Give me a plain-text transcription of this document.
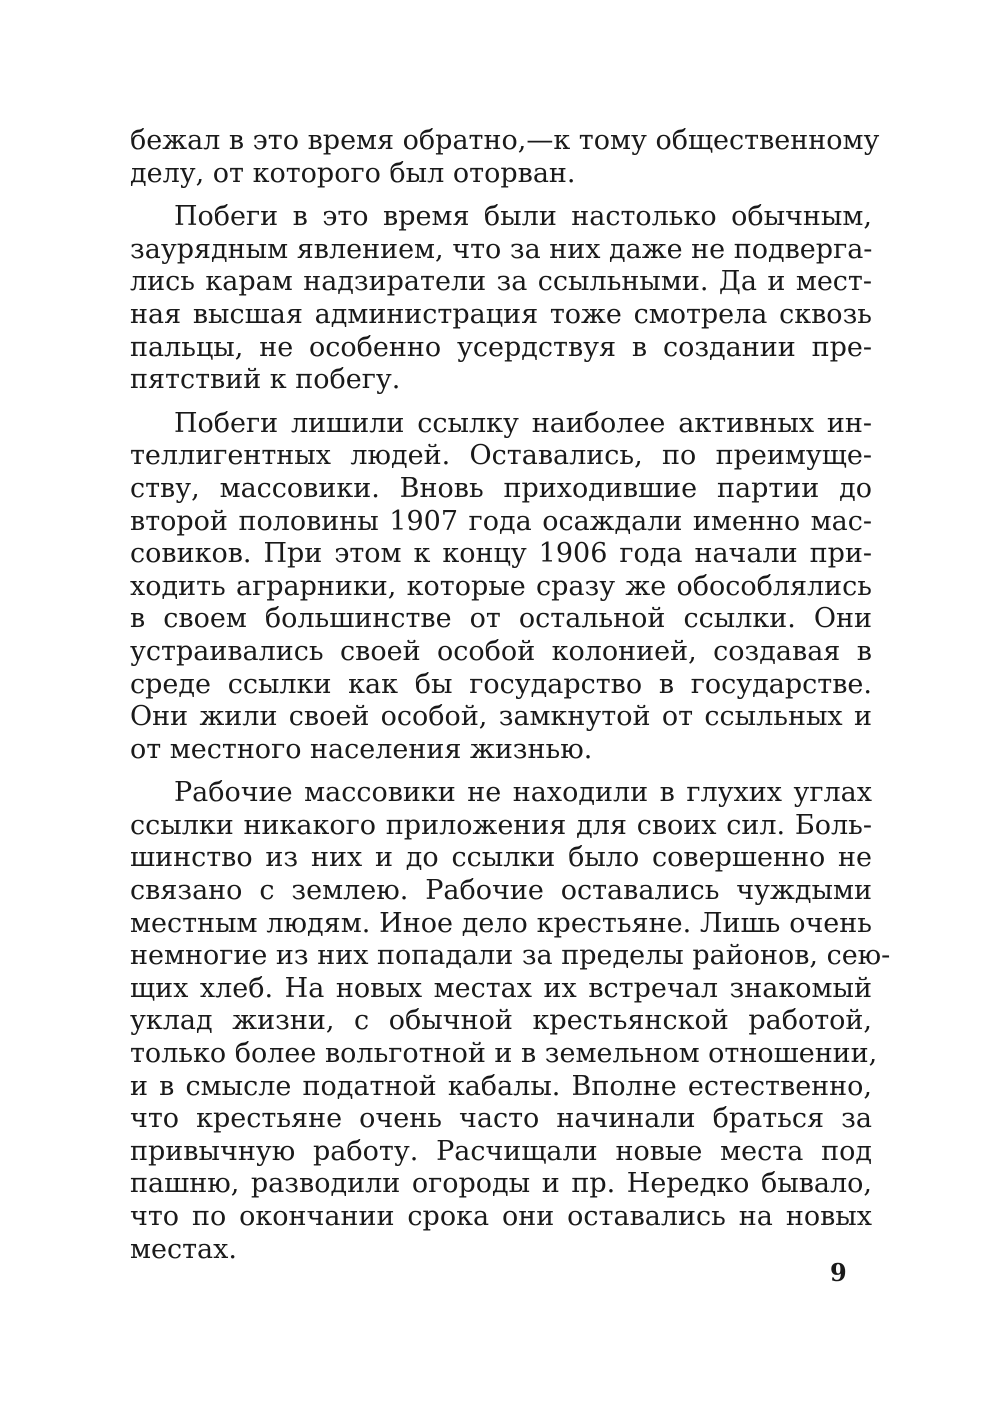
бежал в это время обратно,—к тому общественному
делу, от которого был оторван.

Побеги в это время были настолько обычным,
заурядным явлением, что за них даже не подверга-
лись карам надзиратели за ссыльными. Да и мест-
ная высшая администрация тоже смотрела сквозь
пальцы, не особенно усердствуя в создании пре-
пятствий к побегу.

Побеги лишили ссылку наиболее активных ин-
теллигентных людей. Оставались, по преимуще-
ству, массовики. Вновь приходившие партии до
второй половины 1907 года осаждали именно мас-
совиков. При этом к концу 1906 года начали при-
ходить аграрники, которые сразу же обособлялись
в своем большинстве от остальной ссылки. Они
устраивались своей особой колонией, создавая в
среде ссылки как бы государство в государстве.
Они жили своей особой, замкнутой от ссыльных и
от местного населения жизнью.

Рабочие массовики не находили в глухих углах
ссылки никакого приложения для своих сил. Боль-
шинство из них и до ссылки было совершенно не
связано с землею. Рабочие оставались чуждыми
местным людям. Иное дело крестьяне. Лишь очень
немногие из них попадали за пределы районов, сею-
щих хлеб. На новых местах их встречал знакомый
уклад жизни, с обычной крестьянской работой,
только более вольготной и в земельном отношении,
и в смысле податной кабалы. Вполне естественно,
что крестьяне очень часто начинали браться за
привычную работу. Расчищали новые места под
пашню, разводили огороды и пр. Нередко бывало,
что по окончании срока они оставались на новых
местах.

9
